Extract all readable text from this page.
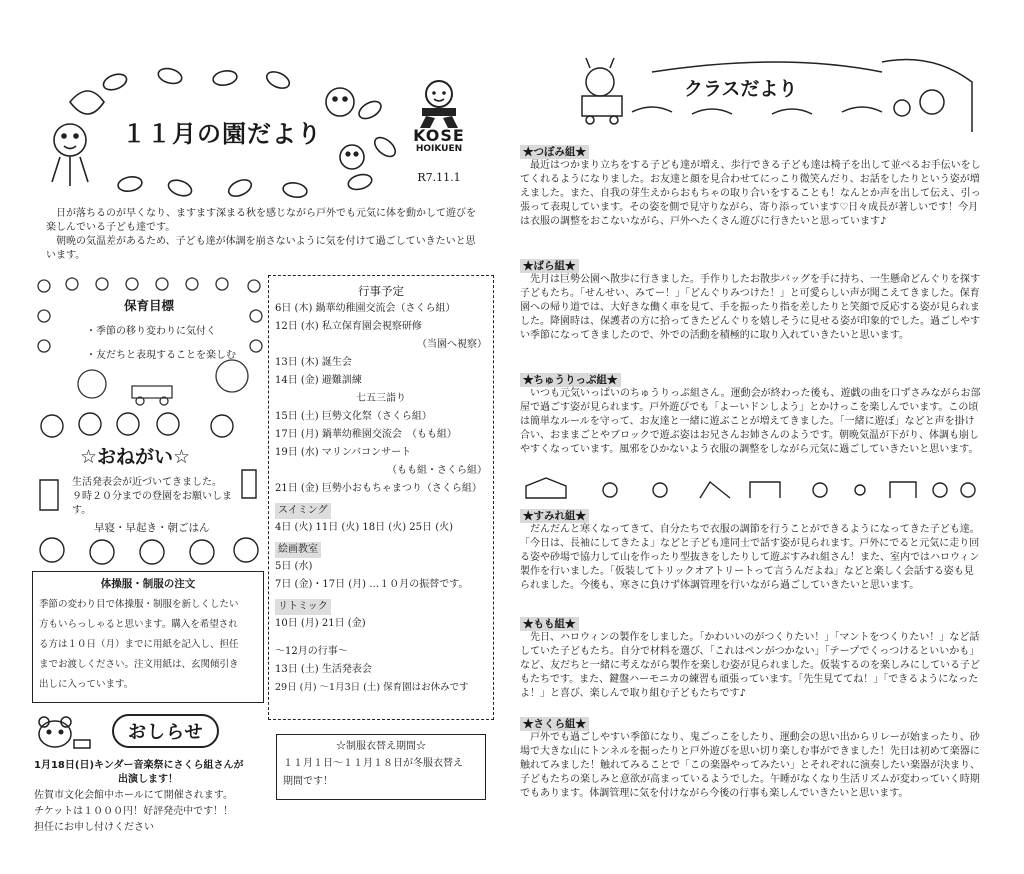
１１月の園だより	KOSE
HOIKUEN
R7.11.1

日が落ちるのが早くなり、ますます深まる秋を感じながら戸外でも元気に体を動かして遊びを楽しんでいる子ども達です。

朝晩の気温差があるため、子ども達が体調を崩さないように気を付けて過ごしていきたいと思います。

保育目標
・季節の移り変わりに気付く
・友だちと表現することを楽しむ
☆おねがい☆
生活発表会が近づいてきました。
９時２０分までの登園をお願いします。
早寝・早起き・朝ごはん
体操服・制服の注文
季節の変わり目で体操服・制服を新しくしたい
方もいらっしゃると思います。購入を希望され
る方は１０日（月）までに用紙を記入し、担任
までお渡しください。注文用紙は、玄関傾引き
出しに入っています。
行事予定
6日 (木) 鍋華幼稚園交流会（さくら組）
12日 (水) 私立保育園会視察研修
（当園へ視察）
13日 (木) 誕生会
14日 (金) 避難訓練
七五三詣り
15日 (土) 巨勢文化祭（さくら組）
17日 (月) 鍋華幼稚園交流会　（もも組）
19日 (水) マリンバコンサート
（もも組・さくら組）
21日 (金) 巨勢小おもちゃまつり（さくら組）
スイミング
4日 (火) 11日 (火) 18日 (火) 25日 (火)
絵画教室
5日 (水)
7日 (金)・17日 (月) …１０月の振替です。
リトミック
10日 (月) 21日 (金)
～12月の行事～
13日 (土) 生活発表会
29日 (月) ～1月3日 (土) 保育園はお休みです
☆制服衣替え期間☆
１１月１日～１１月１８日が冬服衣替え
期間です！
おしらせ
1月18日(日)キンダー音楽祭にさくら組さんが
出演します！
佐賀市文化会館中ホールにて開催されます。
チケットは１０００円！好評発売中です！！
担任にお申し付けください
クラスだより
★つぼみ組★

最近はつかまり立ちをする子ども達が増え、歩行できる子ども達は椅子を出して並べるお手伝いをしてくれるようになりました。お友達と顔を見合わせてにっこり微笑んだり、お話をしたりという姿が増えました。また、自我の芽生えからおもちゃの取り合いをすることも！なんとか声を出して伝え、引っ張って表現しています。その姿を側で見守りながら、寄り添っています♡日々成長が著しいです！今月は衣服の調整をおこないながら、戸外へたくさん遊びに行きたいと思っています♪

★ばら組★

先月は巨勢公園へ散歩に行きました。手作りしたお散歩バッグを手に持ち、一生懸命どんぐりを探す子どもたち。「せんせい、みてー！」「どんぐりみつけた！」と可愛らしい声が聞こえてきました。保育園への帰り道では、大好きな働く車を見て、手を振ったり指を差したりと笑顔で反応する姿が見られました。降園時は、保護者の方に拾ってきたどんぐりを嬉しそうに見せる姿が印象的でした。過ごしやすい季節になってきましたので、外での活動を積極的に取り入れていきたいと思います。

★ちゅうりっぷ組★

いつも元気いっぱいのちゅうりっぷ組さん。運動会が終わった後も、遊戯の曲を口ずさみながらお部屋で過ごす姿が見られます。戸外遊びでも「よーいドンしよう」とかけっこを楽しんでいます。この頃は簡単なルールを守って、お友達と一緒に遊ぶことが増えてきました。「一緒に遊ぼ」などと声を掛け合い、おままごとやブロックで遊ぶ姿はお兄さんお姉さんのようです。朝晩気温が下がり、体調も崩しやすくなっています。風邪をひかないよう衣服の調整をしながら元気に過ごしていきたいと思います。

★すみれ組★

だんだんと寒くなってきて、自分たちで衣服の調節を行うことができるようになってきた子ども達。「今日は、長袖にしてきたよ」などと子ども達同士で話す姿が見られます。戸外にでると元気に走り回る姿や砂場で協力して山を作ったり型抜きをしたりして遊ぶすみれ組さん！また、室内ではハロウィン製作を行いました。「仮装してトリックオアトリートって言うんだよね」などと楽しく会話する姿も見られました。今後も、寒さに負けず体調管理を行いながら過ごしていきたいと思います。

★もも組★

先日、ハロウィンの製作をしました。「かわいいのがつくりたい！」「マントをつくりたい！」など話していた子どもたち。自分で材料を選び、「これはペンがつかない」「テープでくっつけるといいかも」など、友だちと一緒に考えながら製作を楽しむ姿が見られました。仮装するのを楽しみにしている子どもたちです。また、鍵盤ハーモニカの練習も頑張っています。「先生見ててね！」「できるようになったよ！」と喜び、楽しんで取り組む子どもたちです♪

★さくら組★

戸外でも過ごしやすい季節になり、鬼ごっこをしたり、運動会の思い出からリレーが始まったり、砂場で大きな山にトンネルを掘ったりと戸外遊びを思い切り楽しむ事ができました！先日は初めて楽器に触れてみました！触れてみることで「この楽器やってみたい」とそれぞれに演奏したい楽器が決まり、子どもたちの楽しみと意欲が高まっているようでした。午睡がなくなり生活リズムが変わっていく時期でもあります。体調管理に気を付けながら今後の行事も楽しんでいきたいと思います。
